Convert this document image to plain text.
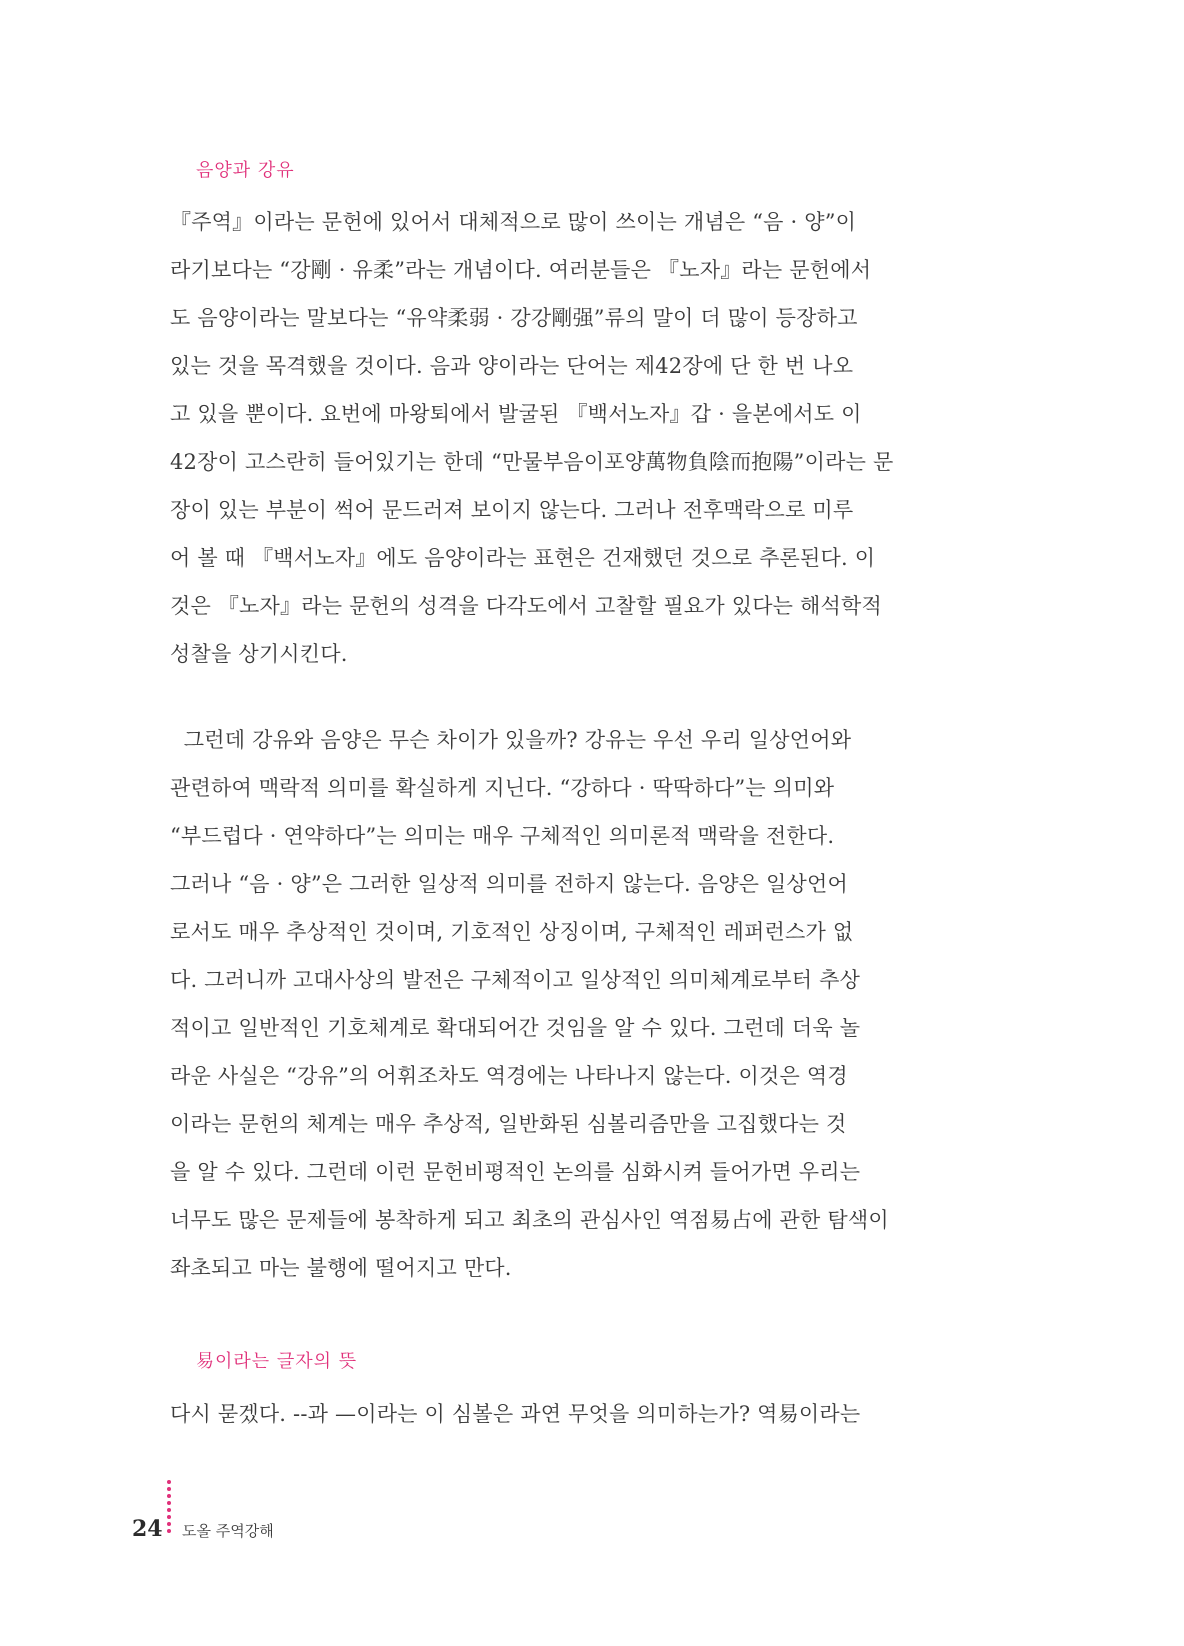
음양과 강유
『주역』이라는 문헌에 있어서 대체적으로 많이 쓰이는 개념은 “음 · 양”이
라기보다는 “강剛 · 유柔”라는 개념이다. 여러분들은 『노자』라는 문헌에서
도 음양이라는 말보다는 “유약柔弱 · 강강剛强”류의 말이 더 많이 등장하고
있는 것을 목격했을 것이다. 음과 양이라는 단어는 제42장에 단 한 번 나오
고 있을 뿐이다. 요번에 마왕퇴에서 발굴된 『백서노자』갑 · 을본에서도 이
42장이 고스란히 들어있기는 한데 “만물부음이포양萬物負陰而抱陽”이라는 문
장이 있는 부분이 썩어 문드러져 보이지 않는다. 그러나 전후맥락으로 미루
어 볼 때 『백서노자』에도 음양이라는 표현은 건재했던 것으로 추론된다. 이
것은 『노자』라는 문헌의 성격을 다각도에서 고찰할 필요가 있다는 해석학적
성찰을 상기시킨다.
그런데 강유와 음양은 무슨 차이가 있을까? 강유는 우선 우리 일상언어와
관련하여 맥락적 의미를 확실하게 지닌다. “강하다 · 딱딱하다”는 의미와
“부드럽다 · 연약하다”는 의미는 매우 구체적인 의미론적 맥락을 전한다.
그러나 “음 · 양”은 그러한 일상적 의미를 전하지 않는다. 음양은 일상언어
로서도 매우 추상적인 것이며, 기호적인 상징이며, 구체적인 레퍼런스가 없
다. 그러니까 고대사상의 발전은 구체적이고 일상적인 의미체계로부터 추상
적이고 일반적인 기호체계로 확대되어간 것임을 알 수 있다. 그런데 더욱 놀
라운 사실은 “강유”의 어휘조차도 역경에는 나타나지 않는다. 이것은 역경
이라는 문헌의 체계는 매우 추상적, 일반화된 심볼리즘만을 고집했다는 것
을 알 수 있다. 그런데 이런 문헌비평적인 논의를 심화시켜 들어가면 우리는
너무도 많은 문제들에 봉착하게 되고 최초의 관심사인 역점易占에 관한 탐색이
좌초되고 마는 불행에 떨어지고 만다.
易이라는 글자의 뜻
다시 묻겠다. --과 —이라는 이 심볼은 과연 무엇을 의미하는가? 역易이라는
24 도올 주역강해
